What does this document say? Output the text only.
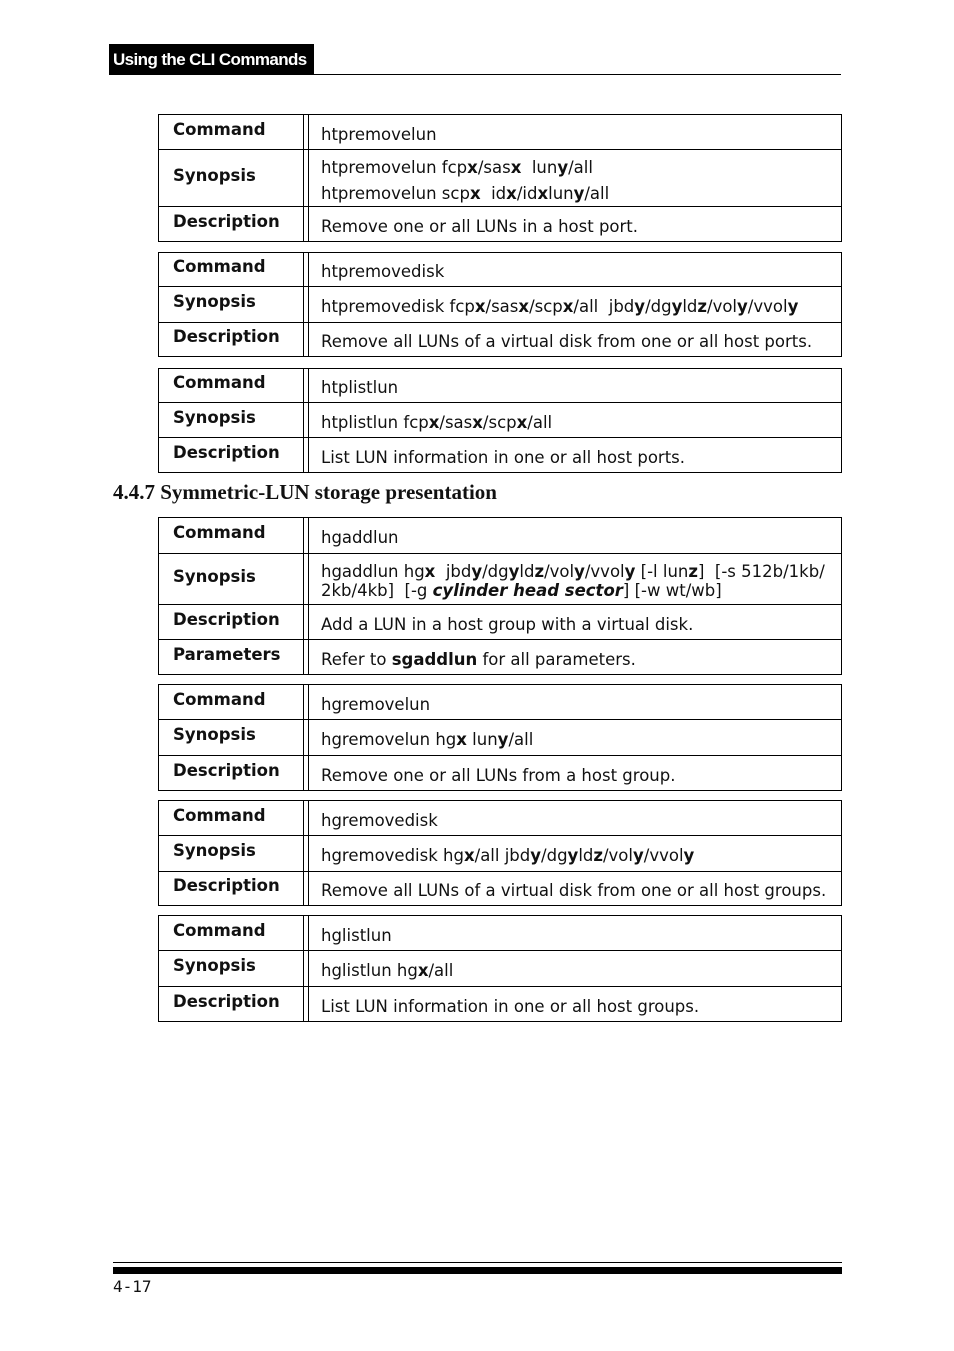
Using the CLI Commands
4.4.7 Symmetric-LUN storage presentation
Command		htpremovelun

Synopsis		htpremovelun fcpx/sasx  luny/all
htpremovelun scpx  idx/idxluny/all

Description		Remove one or all LUNs in a host port.
Command		htpremovedisk

Synopsis		htpremovedisk fcpx/sasx/scpx/all  jbdy/dgyldz/voly/vvoly

Description		Remove all LUNs of a virtual disk from one or all host ports.
Command		htplistlun

Synopsis		htplistlun fcpx/sasx/scpx/all

Description		List LUN information in one or all host ports.
Command		hgaddlun

Synopsis		hgaddlun hgx  jbdy/dgyldz/voly/vvoly [-l lunz]  [-s 512b/1kb/
2kb/4kb]  [-g cylinder head sector] [-w wt/wb]

Description		Add a LUN in a host group with a virtual disk.

Parameters		Refer to sgaddlun for all parameters.
Command		hgremovelun

Synopsis		hgremovelun hgx luny/all

Description		Remove one or all LUNs from a host group.
Command		hgremovedisk

Synopsis		hgremovedisk hgx/all jbdy/dgyldz/voly/vvoly

Description		Remove all LUNs of a virtual disk from one or all host groups.
Command		hglistlun

Synopsis		hglistlun hgx/all

Description		List LUN information in one or all host groups.
4-17
